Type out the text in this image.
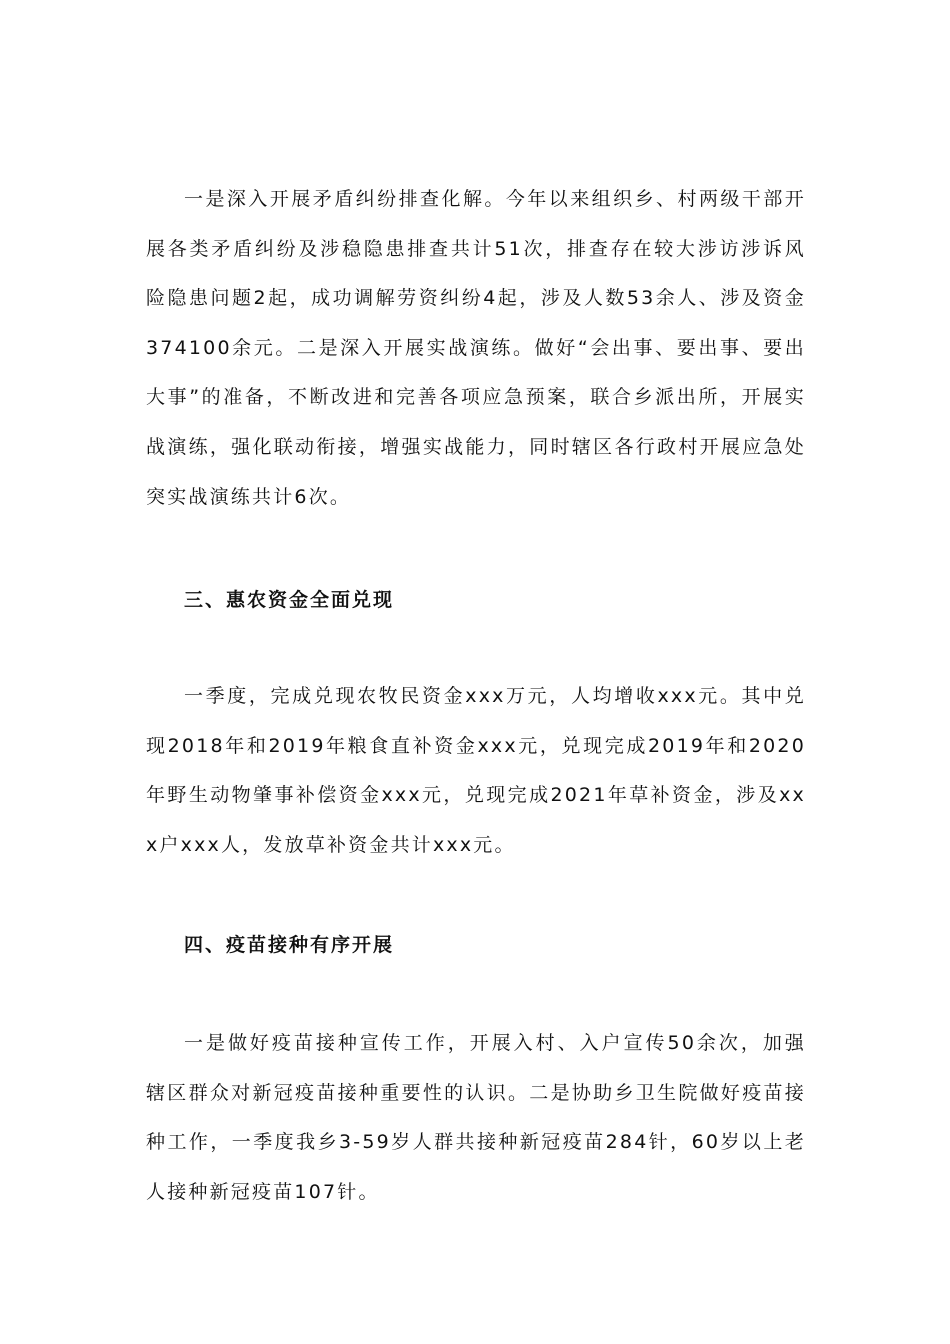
一是深入开展矛盾纠纷排查化解。今年以来组织乡、村两级干部开展各类矛盾纠纷及涉稳隐患排查共计51次，排查存在较大涉访涉诉风险隐患问题2起，成功调解劳资纠纷4起，涉及人数53余人、涉及资金374100余元。二是深入开展实战演练。做好“会出事、要出事、要出大事”的准备，不断改进和完善各项应急预案，联合乡派出所，开展实战演练，强化联动衔接，增强实战能力，同时辖区各行政村开展应急处突实战演练共计6次。

三、惠农资金全面兑现

一季度，完成兑现农牧民资金xxx万元，人均增收xxx元。其中兑现2018年和2019年粮食直补资金xxx元，兑现完成2019年和2020年野生动物肇事补偿资金xxx元，兑现完成2021年草补资金，涉及xxx户xxx人，发放草补资金共计xxx元。

四、疫苗接种有序开展

一是做好疫苗接种宣传工作，开展入村、入户宣传50余次，加强辖区群众对新冠疫苗接种重要性的认识。二是协助乡卫生院做好疫苗接种工作，一季度我乡3-59岁人群共接种新冠疫苗284针，60岁以上老人接种新冠疫苗107针。
